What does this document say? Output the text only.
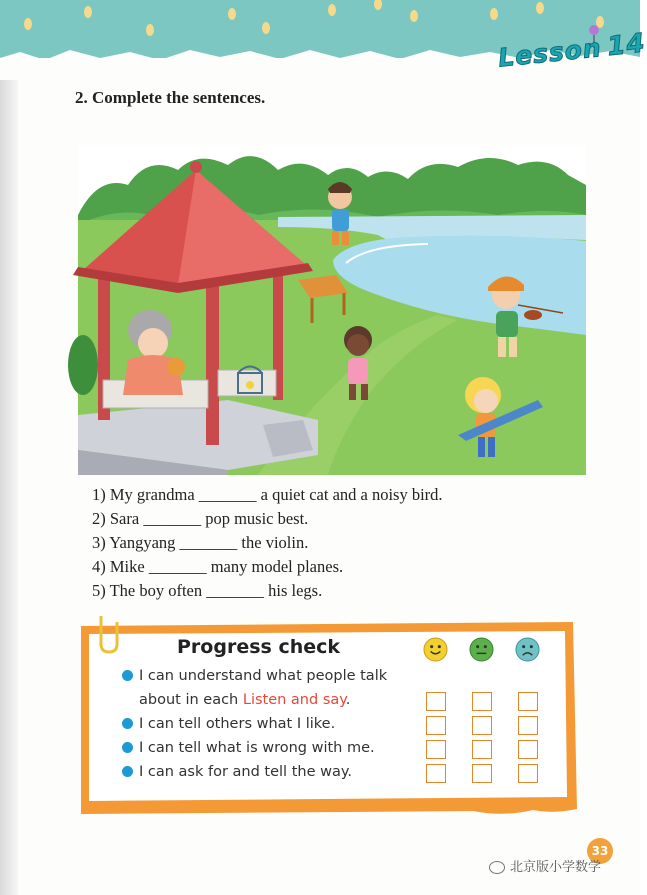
Lesson 14
2. Complete the sentences.
1) My grandma _______ a quiet cat and a noisy bird.
2) Sara _______ pop music best.
3) Yangyang _______ the violin.
4) Mike _______ many model planes.
5) The boy often _______ his legs.
Progress check
I can understand what people talk
about in each Listen and say.
I can tell others what I like.
I can tell what is wrong with me.
I can ask for and tell the way.
33
北京版小学数学
